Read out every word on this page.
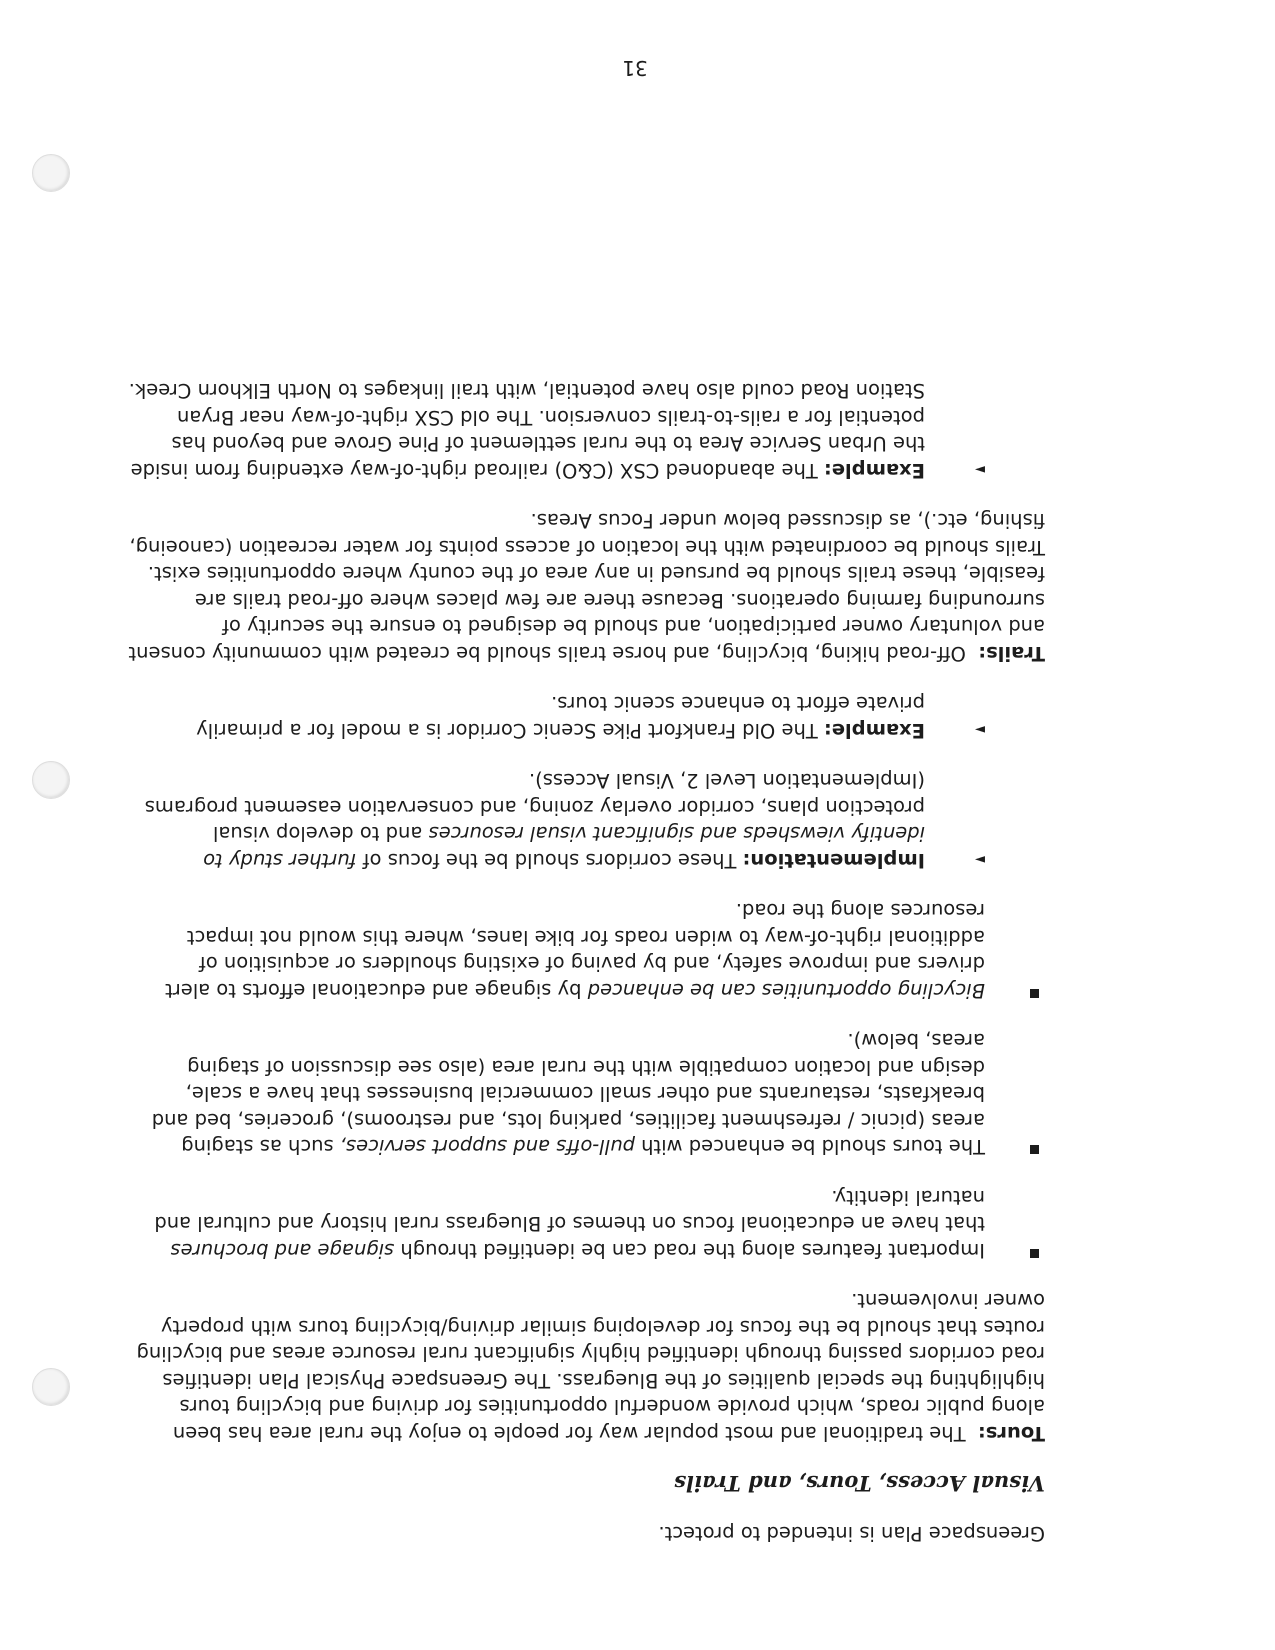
Greenspace Plan is intended to protect.

Visual Access, Tours, and Trails

Tours:  The traditional and most popular way for people to enjoy the rural area has been along public roads, which provide wonderful opportunities for driving and bicycling tours highlighting the special qualities of the Bluegrass. The Greenspace Physical Plan identifies road corridors passing through identified highly significant rural resource areas and bicycling routes that should be the focus for developing similar driving/bicycling tours with property owner involvement.

Important features along the road can be identified through signage and brochures that have an educational focus on themes of Bluegrass rural history and cultural and natural identity.
The tours should be enhanced with pull-offs and support services, such as staging areas (picnic / refreshment facilities, parking lots, and restrooms), groceries, bed and breakfasts, restaurants and other small commercial businesses that have a scale, design and location compatible with the rural area (also see discussion of staging areas, below).
Bicycling opportunities can be enhanced by signage and educational efforts to alert drivers and improve safety, and by paving of existing shoulders or acquisition of additional right-of-way to widen roads for bike lanes, where this would not impact resources along the road.
►
Implementation: These corridors should be the focus of further study to identify viewsheds and significant visual resources and to develop visual protection plans, corridor overlay zoning, and conservation easement programs (Implementation Level 2, Visual Access).
►
Example: The Old Frankfort Pike Scenic Corridor is a model for a primarily private effort to enhance scenic tours.

Trails:  Off-road hiking, bicycling, and horse trails should be created with community consent and voluntary owner participation, and should be designed to ensure the security of surrounding farming operations. Because there are few places where off-road trails are feasible, these trails should be pursued in any area of the county where opportunities exist. Trails should be coordinated with the location of access points for water recreation (canoeing, fishing, etc.), as discussed below under Focus Areas.

►
Example: The abandoned CSX (C&O) railroad right-of-way extending from inside the Urban Service Area to the rural settlement of Pine Grove and beyond has potential for a rails-to-trails conversion. The old CSX right-of-way near Bryan Station Road could also have potential, with trail linkages to North Elkhorn Creek.
31
